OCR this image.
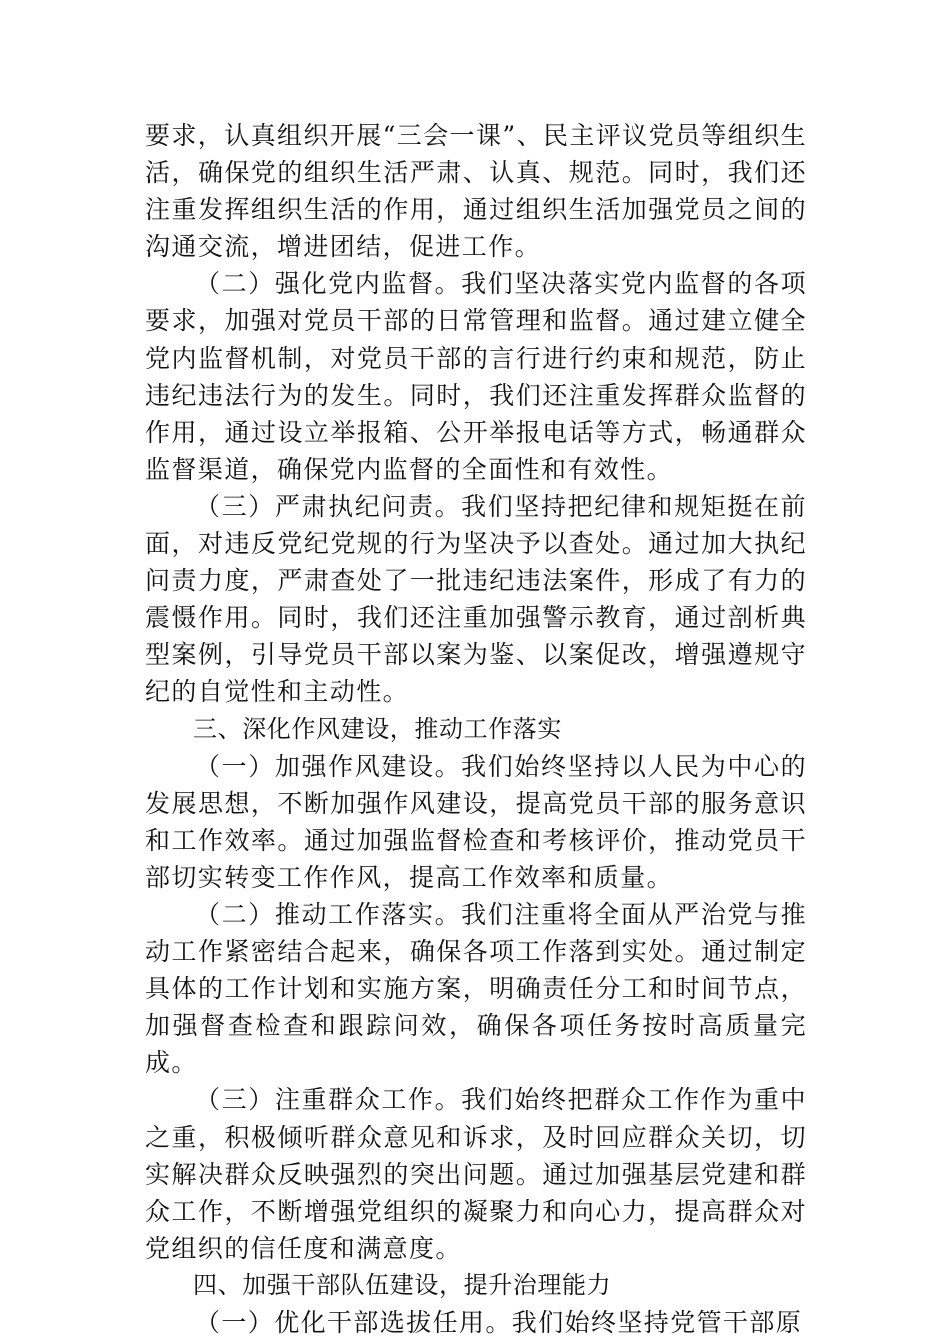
要求，认真组织开展“三会一课”、民主评议党员等组织生活，确保党的组织生活严肃、认真、规范。同时，我们还注重发挥组织生活的作用，通过组织生活加强党员之间的沟通交流，增进团结，促进工作。

（二）强化党内监督。我们坚决落实党内监督的各项要求，加强对党员干部的日常管理和监督。通过建立健全党内监督机制，对党员干部的言行进行约束和规范，防止违纪违法行为的发生。同时，我们还注重发挥群众监督的作用，通过设立举报箱、公开举报电话等方式，畅通群众监督渠道，确保党内监督的全面性和有效性。

（三）严肃执纪问责。我们坚持把纪律和规矩挺在前面，对违反党纪党规的行为坚决予以查处。通过加大执纪问责力度，严肃查处了一批违纪违法案件，形成了有力的震慑作用。同时，我们还注重加强警示教育，通过剖析典型案例，引导党员干部以案为鉴、以案促改，增强遵规守纪的自觉性和主动性。

三、深化作风建设，推动工作落实

（一）加强作风建设。我们始终坚持以人民为中心的发展思想，不断加强作风建设，提高党员干部的服务意识和工作效率。通过加强监督检查和考核评价，推动党员干部切实转变工作作风，提高工作效率和质量。

（二）推动工作落实。我们注重将全面从严治党与推动工作紧密结合起来，确保各项工作落到实处。通过制定具体的工作计划和实施方案，明确责任分工和时间节点，加强督查检查和跟踪问效，确保各项任务按时高质量完成。

（三）注重群众工作。我们始终把群众工作作为重中之重，积极倾听群众意见和诉求，及时回应群众关切，切实解决群众反映强烈的突出问题。通过加强基层党建和群众工作，不断增强党组织的凝聚力和向心力，提高群众对党组织的信任度和满意度。

四、加强干部队伍建设，提升治理能力

（一）优化干部选拔任用。我们始终坚持党管干部原
